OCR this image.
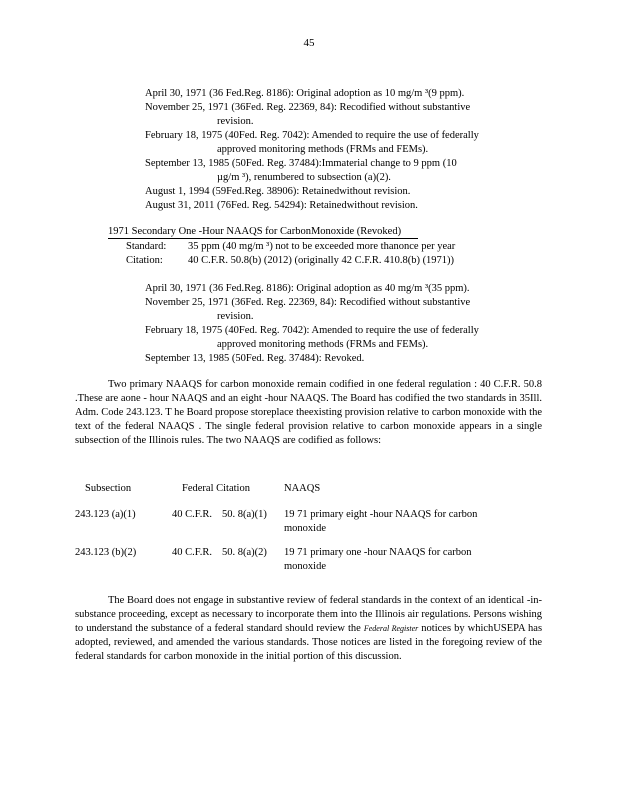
45
April 30, 1971 (36 Fed.Reg. 8186): Original adoption as 10 mg/m ³(9 ppm).
November 25, 1971 (36Fed. Reg. 22369, 84): Recodified without substantive
revision.
February 18, 1975 (40Fed. Reg. 7042): Amended to require the use of federally
approved monitoring methods (FRMs and FEMs).
September 13, 1985 (50Fed. Reg. 37484):Immaterial change to 9 ppm (10
µg/m ³), renumbered to subsection (a)(2).
August 1, 1994 (59Fed.Reg. 38906): Retainedwithout revision.
August 31, 2011 (76Fed. Reg. 54294): Retainedwithout revision.
1971 Secondary One -Hour NAAQS for CarbonMonoxide (Revoked)
Standard: 35 ppm (40 mg/m ³) not to be exceeded more thanonce per year
Citation: 40 C.F.R. 50.8(b) (2012) (originally 42 C.F.R. 410.8(b) (1971))
April 30, 1971 (36 Fed.Reg. 8186): Original adoption as 40 mg/m ³(35 ppm).
November 25, 1971 (36Fed. Reg. 22369, 84): Recodified without substantive
revision.
February 18, 1975 (40Fed. Reg. 7042): Amended to require the use of federally
approved monitoring methods (FRMs and FEMs).
September 13, 1985 (50Fed. Reg. 37484): Revoked.

Two primary NAAQS for carbon monoxide remain codified in one federal regulation : 40 C.F.R. 50.8 .These are aone - hour NAAQS and an eight -hour NAAQS. The Board has codified the two standards in 35Ill. Adm. Code 243.123. T he Board propose storeplace theexisting provision relative to carbon monoxide with the text of the federal NAAQS . The single federal provision relative to carbon monoxide appears in a single subsection of the Illinois rules. The two NAAQS are codified as follows:

Subsection	Federal Citation		NAAQS

243.123 (a)(1)	40 C.F.R.	50. 8(a)(1)	19 71 primary eight -hour NAAQS for carbon monoxide

243.123 (b)(2)	40 C.F.R.	50. 8(a)(2)	19 71 primary one -hour NAAQS for carbon monoxide

The Board does not engage in substantive review of federal standards in the context of an identical -in-substance proceeding, except as necessary to incorporate them into the Illinois air regulations. Persons wishing to understand the substance of a federal standard should review the Federal Register notices by whichUSEPA has adopted, reviewed, and amended the various standards. Those notices are listed in the foregoing review of the federal standards for carbon monoxide in the initial portion of this discussion.
